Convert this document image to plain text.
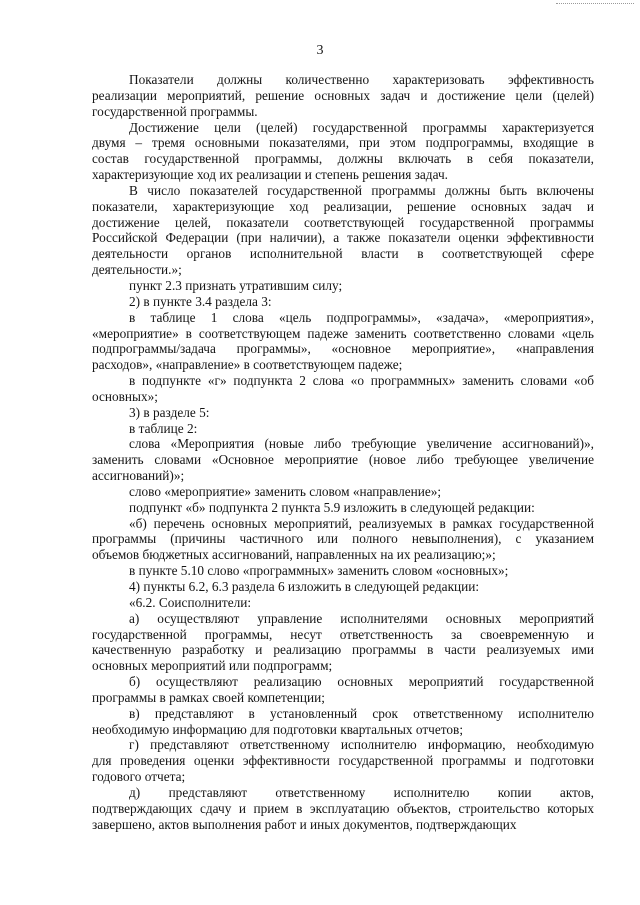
3
Показатели должны количественно характеризовать эффективность
реализации мероприятий, решение основных задач и достижение цели (целей)
государственной программы.
Достижение цели (целей) государственной программы характеризуется
двумя – тремя основными показателями, при этом подпрограммы, входящие в
состав государственной программы, должны включать в себя показатели,
характеризующие ход их реализации и степень решения задач.
В число показателей государственной программы должны быть включены
показатели, характеризующие ход реализации, решение основных задач и
достижение целей, показатели соответствующей государственной программы
Российской Федерации (при наличии), а также показатели оценки эффективности
деятельности органов исполнительной власти в соответствующей сфере
деятельности.»;
пункт 2.3 признать утратившим силу;
2) в пункте 3.4 раздела 3:
в таблице 1 слова «цель подпрограммы», «задача», «мероприятия»,
«мероприятие» в соответствующем падеже заменить соответственно словами «цель
подпрограммы/задача программы», «основное мероприятие», «направления
расходов», «направление» в соответствующем падеже;
в подпункте «г» подпункта 2 слова «о программных» заменить словами «об
основных»;
3) в разделе 5:
в таблице 2:
слова «Мероприятия (новые либо требующие увеличение ассигнований)»,
заменить словами «Основное мероприятие (новое либо требующее увеличение
ассигнований)»;
слово «мероприятие» заменить словом «направление»;
подпункт «б» подпункта 2 пункта 5.9 изложить в следующей редакции:
«б) перечень основных мероприятий, реализуемых в рамках государственной
программы (причины частичного или полного невыполнения), с указанием
объемов бюджетных ассигнований, направленных на их реализацию;»;
в пункте 5.10 слово «программных» заменить словом «основных»;
4) пункты 6.2, 6.3 раздела 6 изложить в следующей редакции:
«6.2. Соисполнители:
а) осуществляют управление исполнителями основных мероприятий
государственной программы, несут ответственность за своевременную и
качественную разработку и реализацию программы в части реализуемых ими
основных мероприятий или подпрограмм;
б) осуществляют реализацию основных мероприятий государственной
программы в рамках своей компетенции;
в) представляют в установленный срок ответственному исполнителю
необходимую информацию для подготовки квартальных отчетов;
г) представляют ответственному исполнителю информацию, необходимую
для проведения оценки эффективности государственной программы и подготовки
годового отчета;
д) представляют ответственному исполнителю копии актов,
подтверждающих сдачу и прием в эксплуатацию объектов, строительство которых
завершено, актов выполнения работ и иных документов, подтверждающих
